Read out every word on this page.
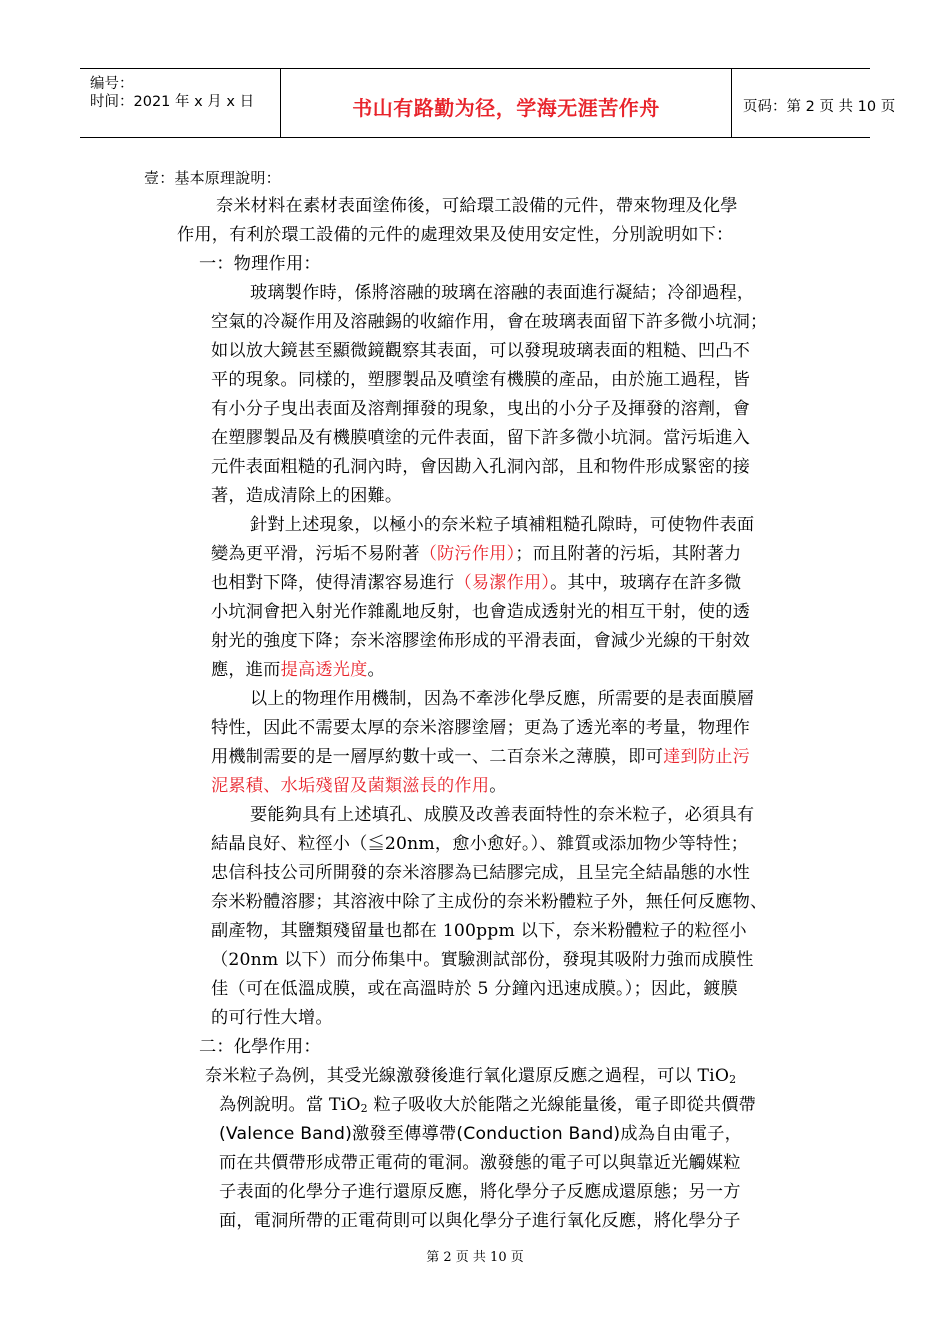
编号：
时间：2021 年 x 月 x 日	书山有路勤为径，学海无涯苦作舟	页码：第 2 页 共 10 页
壹：基本原理說明：
奈米材料在素材表面塗佈後，可給環工設備的元件，帶來物理及化學
作用，有利於環工設備的元件的處理效果及使用安定性，分別說明如下：
一：物理作用：
玻璃製作時，係將溶融的玻璃在溶融的表面進行凝結；冷卻過程，
空氣的冷凝作用及溶融錫的收縮作用，會在玻璃表面留下許多微小坑洞；
如以放大鏡甚至顯微鏡觀察其表面，可以發現玻璃表面的粗糙、凹凸不
平的現象。同樣的，塑膠製品及噴塗有機膜的產品，由於施工過程，皆
有小分子曳出表面及溶劑揮發的現象，曳出的小分子及揮發的溶劑，會
在塑膠製品及有機膜噴塗的元件表面，留下許多微小坑洞。當污垢進入
元件表面粗糙的孔洞內時，會因勘入孔洞內部，且和物件形成緊密的接
著，造成清除上的困難。
針對上述現象，以極小的奈米粒子填補粗糙孔隙時，可使物件表面
變為更平滑，污垢不易附著（防污作用）；而且附著的污垢，其附著力
也相對下降，使得清潔容易進行（易潔作用）。其中，玻璃存在許多微
小坑洞會把入射光作雜亂地反射，也會造成透射光的相互干射，使的透
射光的強度下降；奈米溶膠塗佈形成的平滑表面，會減少光線的干射效
應，進而提高透光度。
以上的物理作用機制，因為不牽涉化學反應，所需要的是表面膜層
特性，因此不需要太厚的奈米溶膠塗層；更為了透光率的考量，物理作
用機制需要的是一層厚約數十或一、二百奈米之薄膜，即可達到防止污
泥累積、水垢殘留及菌類滋長的作用。
要能夠具有上述填孔、成膜及改善表面特性的奈米粒子，必須具有
結晶良好、粒徑小（≦20nm，愈小愈好。）、雜質或添加物少等特性；
忠信科技公司所開發的奈米溶膠為已結膠完成，且呈完全結晶態的水性
奈米粉體溶膠；其溶液中除了主成份的奈米粉體粒子外，無任何反應物、
副產物，其鹽類殘留量也都在 100ppm 以下，奈米粉體粒子的粒徑小
（20nm 以下）而分佈集中。實驗測試部份，發現其吸附力強而成膜性
佳（可在低溫成膜，或在高溫時於 5 分鐘內迅速成膜。）；因此，鍍膜
的可行性大增。
二：化學作用：
奈米粒子為例，其受光線激發後進行氧化還原反應之過程，可以 TiO$_2$
為例說明。當 TiO$_2$ 粒子吸收大於能階之光線能量後，電子即從共價帶
(Valence Band)激發至傳導帶(Conduction Band)成為自由電子，
而在共價帶形成帶正電荷的電洞。激發態的電子可以與靠近光觸媒粒
子表面的化學分子進行還原反應，將化學分子反應成還原態；另一方
面，電洞所帶的正電荷則可以與化學分子進行氧化反應，將化學分子
第 2 页 共 10 页
